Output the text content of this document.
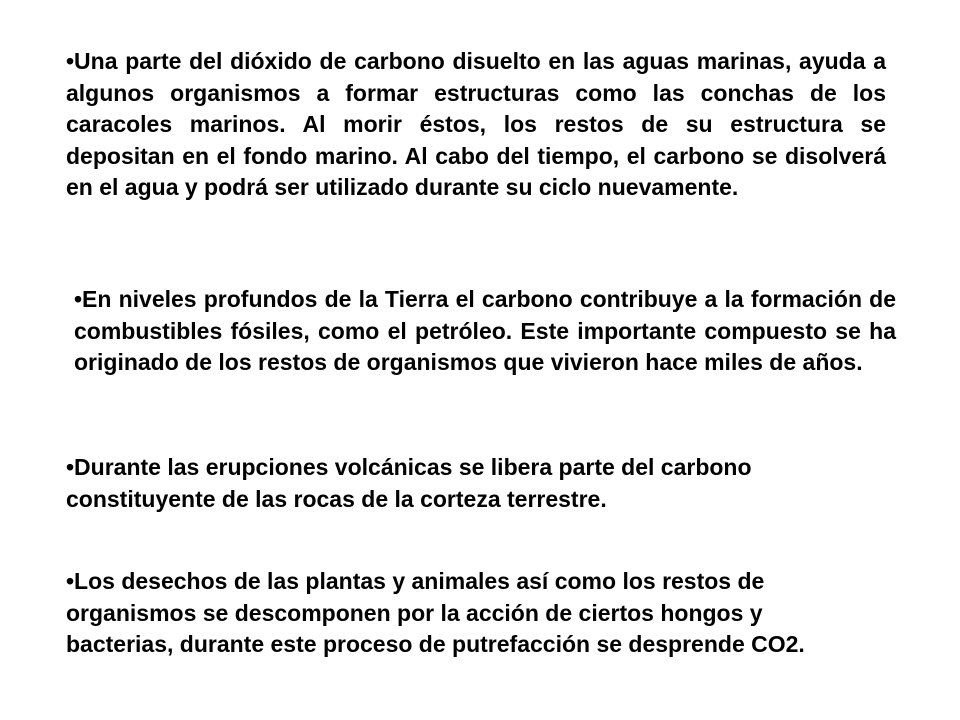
•Una parte del dióxido de carbono disuelto en las aguas marinas, ayuda a algunos organismos a formar estructuras como las conchas de los caracoles marinos. Al morir éstos, los restos de su estructura se depositan en el fondo marino. Al cabo del tiempo, el carbono se disolverá en el agua y podrá ser utilizado durante su ciclo nuevamente.

•En niveles profundos de la Tierra el carbono contribuye a la formación de combustibles fósiles, como el petróleo. Este importante compuesto se ha originado de los restos de organismos que vivieron hace miles de años.

•Durante las erupciones volcánicas se libera parte del carbono constituyente de las rocas de la corteza terrestre.

•Los desechos de las plantas y animales así como los restos de organismos se descomponen por la acción de ciertos hongos y bacterias, durante este proceso de putrefacción se desprende CO2.
